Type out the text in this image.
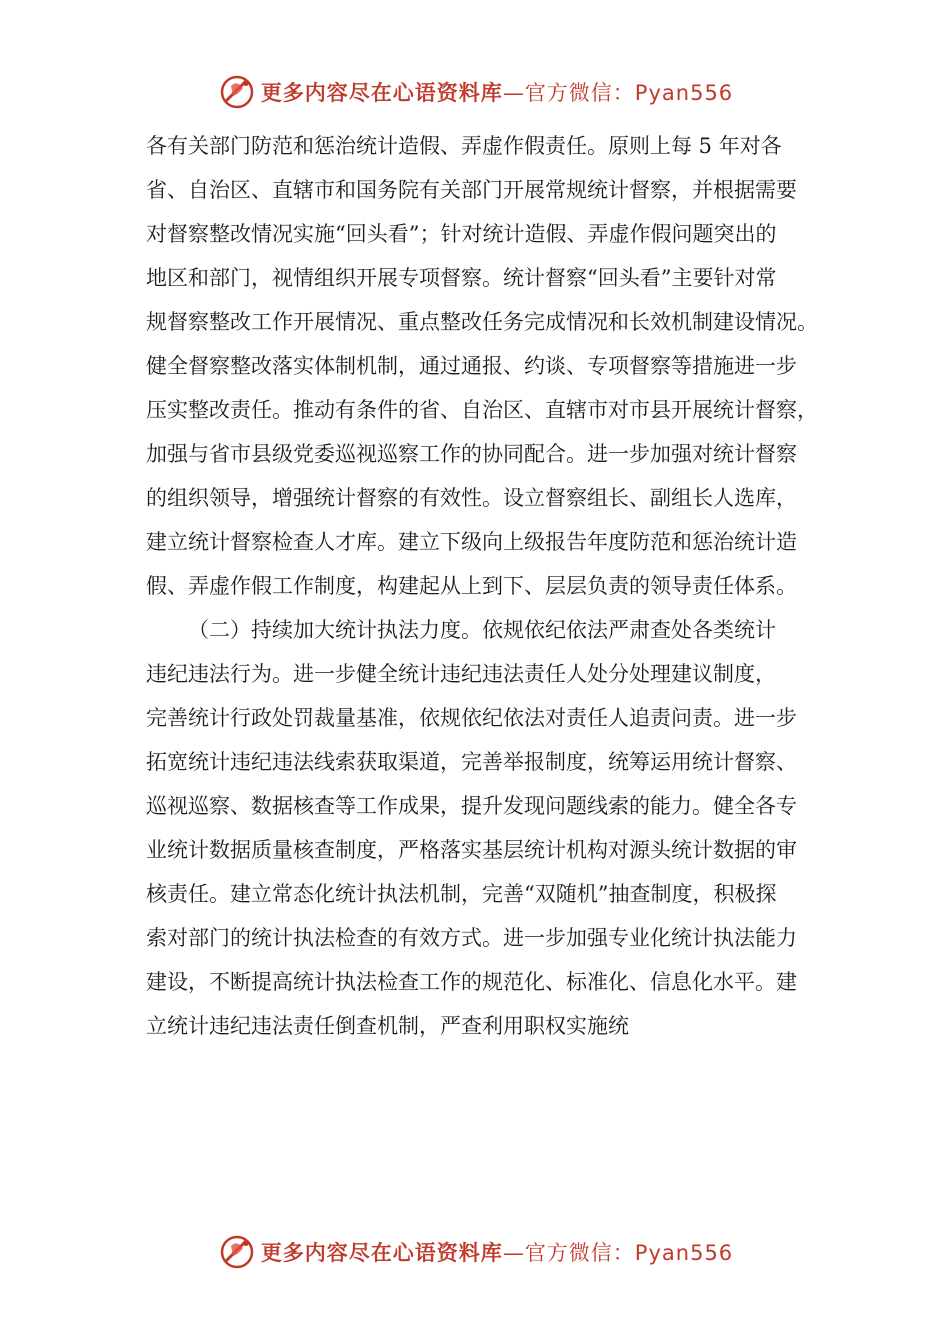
更多内容尽在心语资料库 —官方微信：Pyan556
各有关部门防范和惩治统计造假、弄虚作假责任。原则上每 5 年对各
省、自治区、直辖市和国务院有关部门开展常规统计督察，并根据需要
对督察整改情况实施“回头看”；针对统计造假、弄虚作假问题突出的
地区和部门，视情组织开展专项督察。统计督察“回头看”主要针对常
规督察整改工作开展情况、重点整改任务完成情况和长效机制建设情况。
健全督察整改落实体制机制，通过通报、约谈、专项督察等措施进一步
压实整改责任。推动有条件的省、自治区、直辖市对市县开展统计督察，
加强与省市县级党委巡视巡察工作的协同配合。进一步加强对统计督察
的组织领导，增强统计督察的有效性。设立督察组长、副组长人选库，
建立统计督察检查人才库。建立下级向上级报告年度防范和惩治统计造
假、弄虚作假工作制度，构建起从上到下、层层负责的领导责任体系。
（二）持续加大统计执法力度。依规依纪依法严肃查处各类统计
违纪违法行为。进一步健全统计违纪违法责任人处分处理建议制度，
完善统计行政处罚裁量基准，依规依纪依法对责任人追责问责。进一步
拓宽统计违纪违法线索获取渠道，完善举报制度，统筹运用统计督察、
巡视巡察、数据核查等工作成果，提升发现问题线索的能力。健全各专
业统计数据质量核查制度，严格落实基层统计机构对源头统计数据的审
核责任。建立常态化统计执法机制，完善“双随机”抽查制度，积极探
索对部门的统计执法检查的有效方式。进一步加强专业化统计执法能力
建设，不断提高统计执法检查工作的规范化、标准化、信息化水平。建
立统计违纪违法责任倒查机制，严查利用职权实施统
更多内容尽在心语资料库 —官方微信：Pyan556
